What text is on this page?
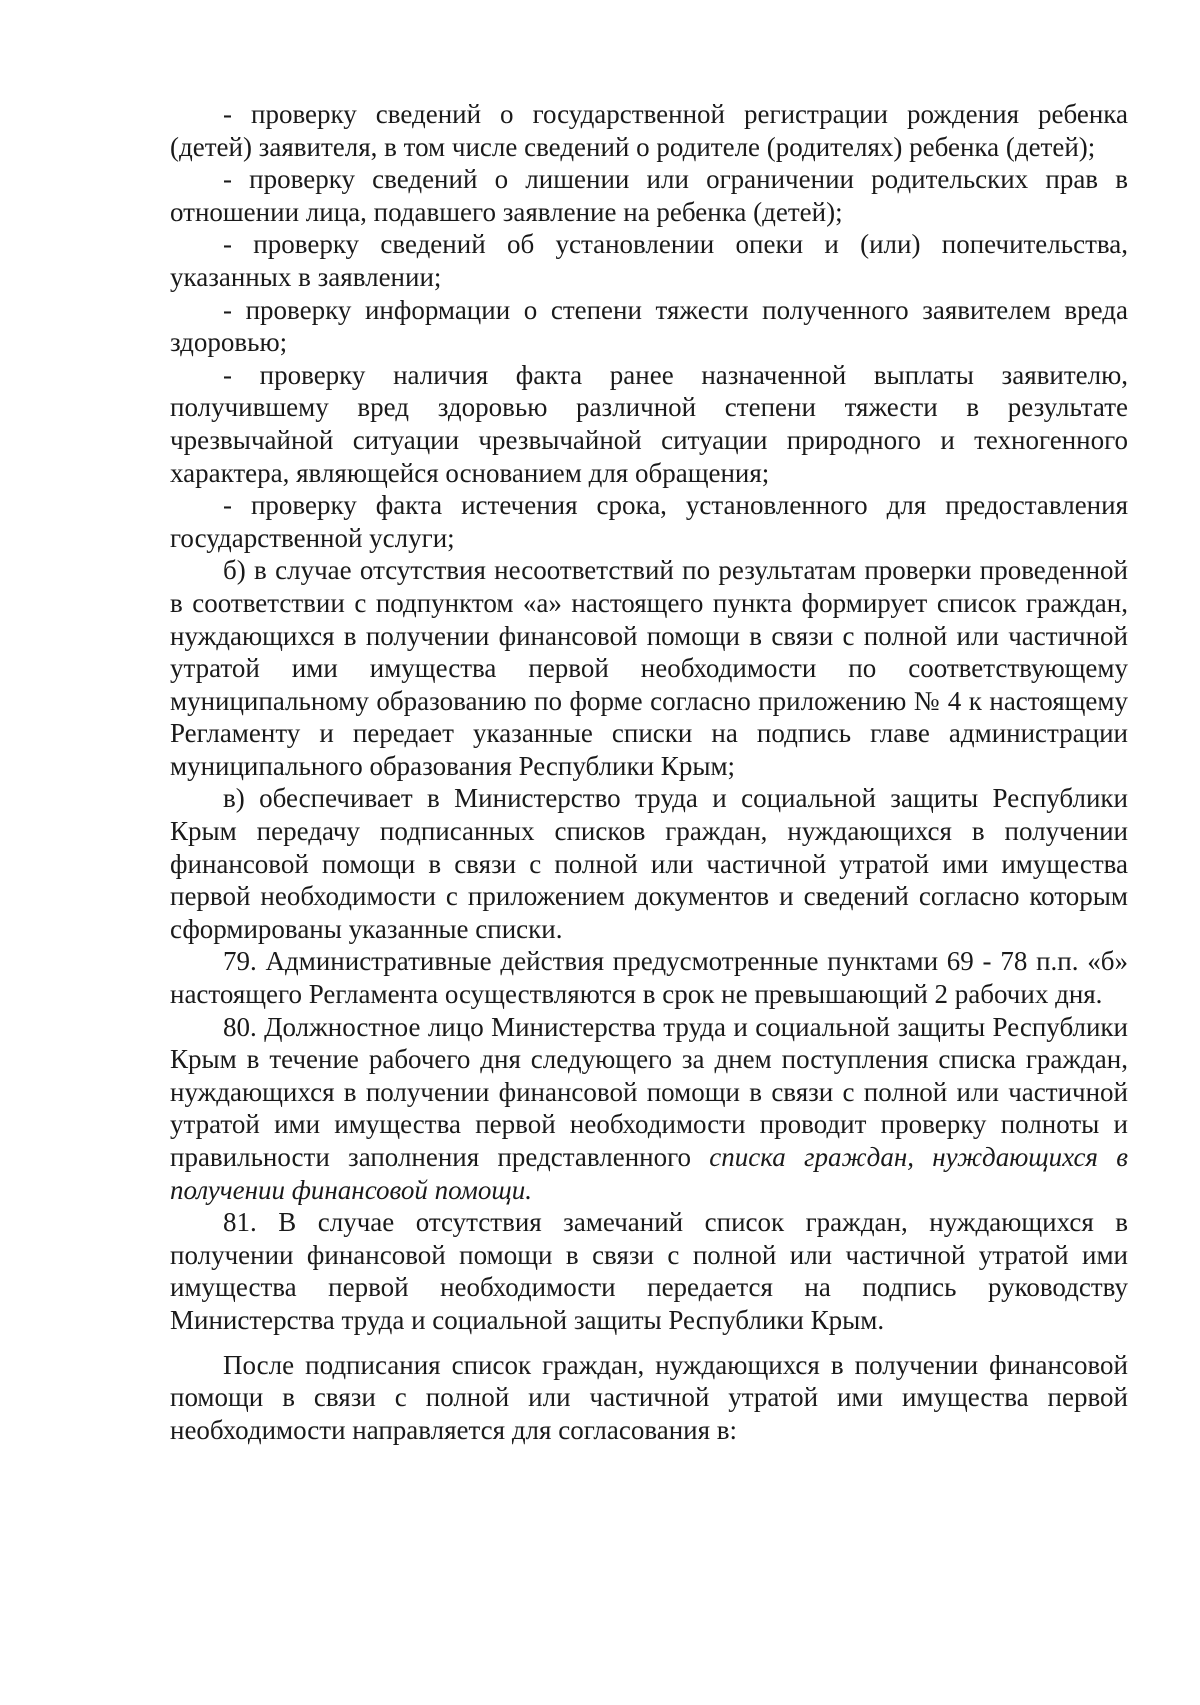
- проверку сведений о государственной регистрации рождения ребенка (детей) заявителя, в том числе сведений о родителе (родителях) ребенка (детей);

- проверку сведений о лишении или ограничении родительских прав в отношении лица, подавшего заявление на ребенка (детей);

- проверку сведений об установлении опеки и (или) попечительства, указанных в заявлении;

- проверку информации о степени тяжести полученного заявителем вреда здоровью;

- проверку наличия факта ранее назначенной выплаты заявителю, получившему вред здоровью различной степени тяжести в результате чрезвычайной ситуации чрезвычайной ситуации природного и техногенного характера, являющейся основанием для обращения;

- проверку факта истечения срока, установленного для предоставления государственной услуги;

б) в случае отсутствия несоответствий по результатам проверки проведенной в соответствии с подпунктом «а» настоящего пункта формирует список граждан, нуждающихся в получении финансовой помощи в связи с полной или частичной утратой ими имущества первой необходимости по соответствующему муниципальному образованию по форме согласно приложению № 4 к настоящему Регламенту и передает указанные списки на подпись главе администрации муниципального образования Республики Крым;

в) обеспечивает в Министерство труда и социальной защиты Республики Крым передачу подписанных списков граждан, нуждающихся в получении финансовой помощи в связи с полной или частичной утратой ими имущества первой необходимости с приложением документов и сведений согласно которым сформированы указанные списки.

79. Административные действия предусмотренные пунктами 69 - 78 п.п. «б» настоящего Регламента осуществляются в срок не превышающий 2 рабочих дня.

80. Должностное лицо Министерства труда и социальной защиты Республики Крым в течение рабочего дня следующего за днем поступления списка граждан, нуждающихся в получении финансовой помощи в связи с полной или частичной утратой ими имущества первой необходимости проводит проверку полноты и правильности заполнения представленного списка граждан, нуждающихся в получении финансовой помощи.

81. В случае отсутствия замечаний список граждан, нуждающихся в получении финансовой помощи в связи с полной или частичной утратой ими имущества первой необходимости передается на подпись руководству Министерства труда и социальной защиты Республики Крым.

После подписания список граждан, нуждающихся в получении финансовой помощи в связи с полной или частичной утратой ими имущества первой необходимости направляется для согласования в:
